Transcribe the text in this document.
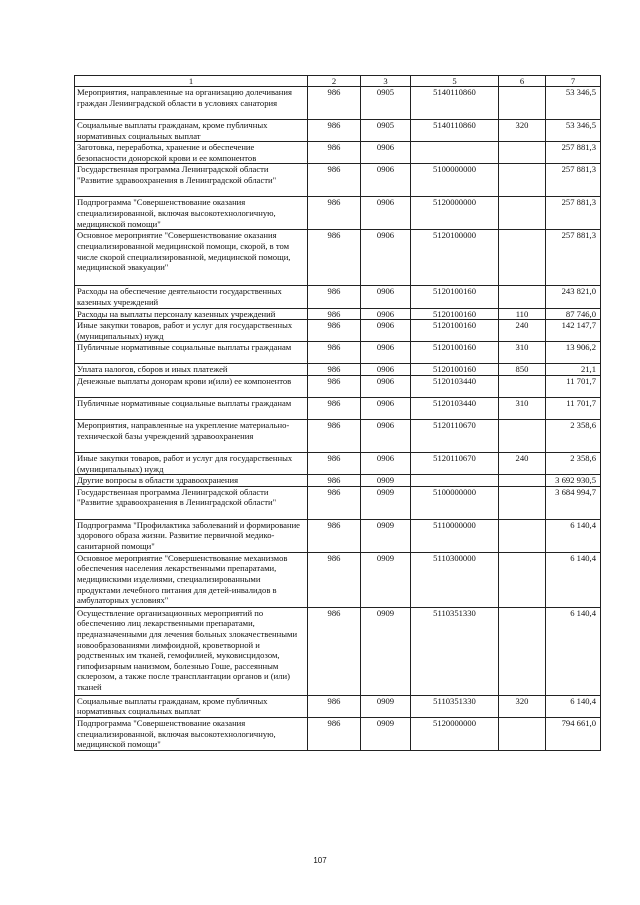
1	2	3	5	6	7
Мероприятия, направленные на организацию долечивания граждан Ленинградской области в условиях санатория	986	0905	5140110860		53 346,5
Социальные выплаты гражданам, кроме публичных нормативных социальных выплат	986	0905	5140110860	320	53 346,5
Заготовка, переработка, хранение и обеспечение безопасности донорской крови и ее компонентов	986	0906			257 881,3
Государственная программа Ленинградской области "Развитие здравоохранения в Ленинградской области"	986	0906	5100000000		257 881,3
Подпрограмма "Совершенствование оказания специализированной, включая высокотехнологичную, медицинской помощи"	986	0906	5120000000		257 881,3
Основное мероприятие "Совершенствование оказания специализированной медицинской помощи, скорой, в том числе скорой специализированной, медицинской помощи, медицинской эвакуации"	986	0906	5120100000		257 881,3
Расходы на обеспечение деятельности государственных казенных учреждений	986	0906	5120100160		243 821,0
Расходы на выплаты персоналу казенных учреждений	986	0906	5120100160	110	87 746,0
Иные закупки товаров, работ и услуг для государственных (муниципальных) нужд	986	0906	5120100160	240	142 147,7
Публичные нормативные социальные выплаты гражданам	986	0906	5120100160	310	13 906,2
Уплата налогов, сборов и иных платежей	986	0906	5120100160	850	21,1
Денежные выплаты донорам крови и(или) ее компонентов	986	0906	5120103440		11 701,7
Публичные нормативные социальные выплаты гражданам	986	0906	5120103440	310	11 701,7
Мероприятия, направленные на укрепление материально-технической базы учреждений здравоохранения	986	0906	5120110670		2 358,6
Иные закупки товаров, работ и услуг для государственных (муниципальных) нужд	986	0906	5120110670	240	2 358,6
Другие вопросы в области здравоохранения	986	0909			3 692 930,5
Государственная программа Ленинградской области "Развитие здравоохранения в Ленинградской области"	986	0909	5100000000		3 684 994,7
Подпрограмма "Профилактика заболеваний и формирование здорового образа жизни. Развитие первичной медико-санитарной помощи"	986	0909	5110000000		6 140,4
Основное мероприятие "Совершенствование механизмов обеспечения населения лекарственными препаратами, медицинскими изделиями, специализированными продуктами лечебного питания для детей-инвалидов в амбулаторных условиях"	986	0909	5110300000		6 140,4
Осуществление организационных мероприятий по обеспечению лиц лекарственными препаратами, предназначенными для лечения больных злокачественными новообразованиями лимфоидной, кроветворной и родственных им тканей, гемофилией, муковисцидозом, гипофизарным нанизмом, болезнью Гоше, рассеянным склерозом, а также после трансплантации органов и (или) тканей	986	0909	5110351330		6 140,4
Социальные выплаты гражданам, кроме публичных нормативных социальных выплат	986	0909	5110351330	320	6 140,4
Подпрограмма "Совершенствование оказания специализированной, включая высокотехнологичную, медицинской помощи"	986	0909	5120000000		794 661,0
107
